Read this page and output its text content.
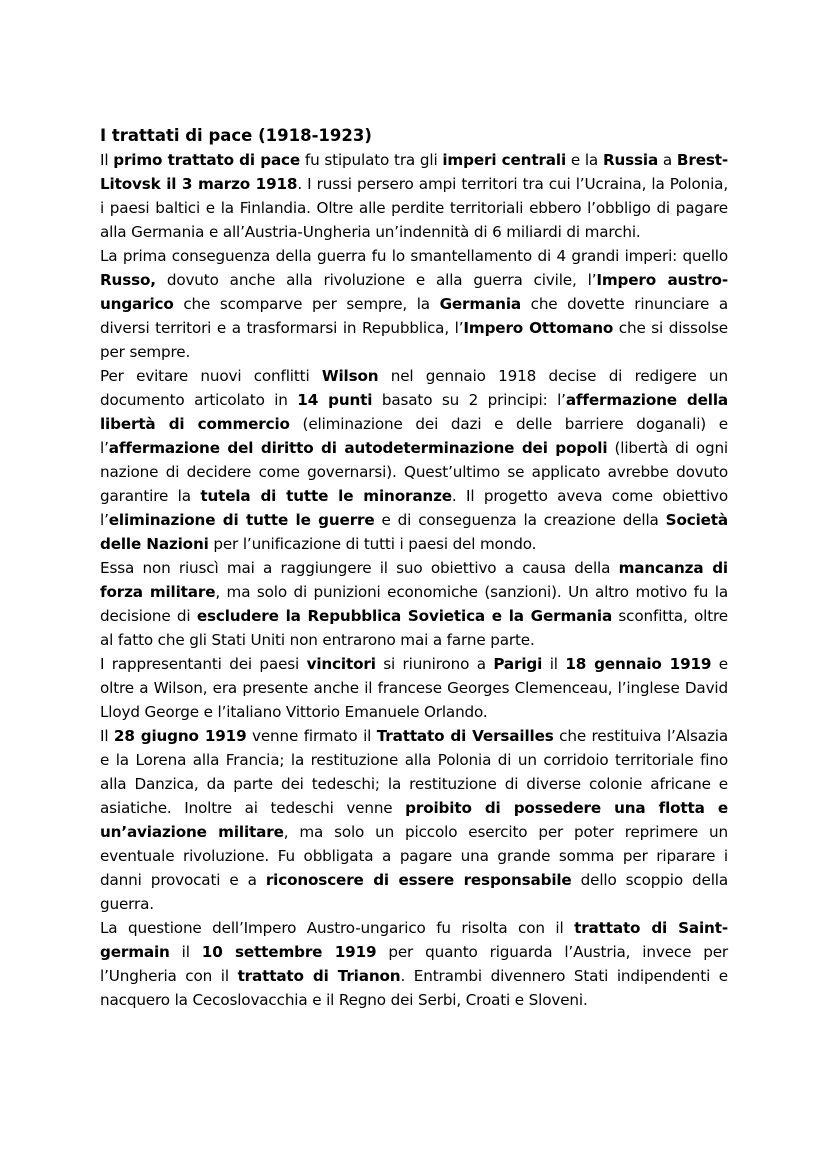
I trattati di pace (1918-1923)

Il primo trattato di pace fu stipulato tra gli imperi centrali e la Russia a Brest-Litovsk il 3 marzo 1918. I russi persero ampi territori tra cui l’Ucraina, la Polonia, i paesi baltici e la Finlandia. Oltre alle perdite territoriali ebbero l’obbligo di pagare alla Germania e all’Austria-Ungheria un’indennità di 6 miliardi di marchi.

La prima conseguenza della guerra fu lo smantellamento di 4 grandi imperi: quello Russo, dovuto anche alla rivoluzione e alla guerra civile, l’Impero austro-ungarico che scomparve per sempre, la Germania che dovette rinunciare a diversi territori e a trasformarsi in Repubblica, l’Impero Ottomano che si dissolse per sempre.

Per evitare nuovi conflitti Wilson nel gennaio 1918 decise di redigere un documento articolato in 14 punti basato su 2 principi: l’affermazione della libertà di commercio (eliminazione dei dazi e delle barriere doganali) e l’affermazione del diritto di autodeterminazione dei popoli (libertà di ogni nazione di decidere come governarsi). Quest’ultimo se applicato avrebbe dovuto garantire la tutela di tutte le minoranze. Il progetto aveva come obiettivo l’eliminazione di tutte le guerre e di conseguenza la creazione della Società delle Nazioni per l’unificazione di tutti i paesi del mondo.

Essa non riuscì mai a raggiungere il suo obiettivo a causa della mancanza di forza militare, ma solo di punizioni economiche (sanzioni). Un altro motivo fu la decisione di escludere la Repubblica Sovietica e la Germania sconfitta, oltre al fatto che gli Stati Uniti non entrarono mai a farne parte.

I rappresentanti dei paesi vincitori si riunirono a Parigi il 18 gennaio 1919 e oltre a Wilson, era presente anche il francese Georges Clemenceau, l’inglese David Lloyd George e l’italiano Vittorio Emanuele Orlando.

Il 28 giugno 1919 venne firmato il Trattato di Versailles che restituiva l’Alsazia e la Lorena alla Francia; la restituzione alla Polonia di un corridoio territoriale fino alla Danzica, da parte dei tedeschi; la restituzione di diverse colonie africane e asiatiche. Inoltre ai tedeschi venne proibito di possedere una flotta e un’aviazione militare, ma solo un piccolo esercito per poter reprimere un eventuale rivoluzione. Fu obbligata a pagare una grande somma per riparare i danni provocati e a riconoscere di essere responsabile dello scoppio della guerra.

La questione dell’Impero Austro-ungarico fu risolta con il trattato di Saint-germain il 10 settembre 1919 per quanto riguarda l’Austria, invece per l’Ungheria con il trattato di Trianon. Entrambi divennero Stati indipendenti e nacquero la Cecoslovacchia e il Regno dei Serbi, Croati e Sloveni.
